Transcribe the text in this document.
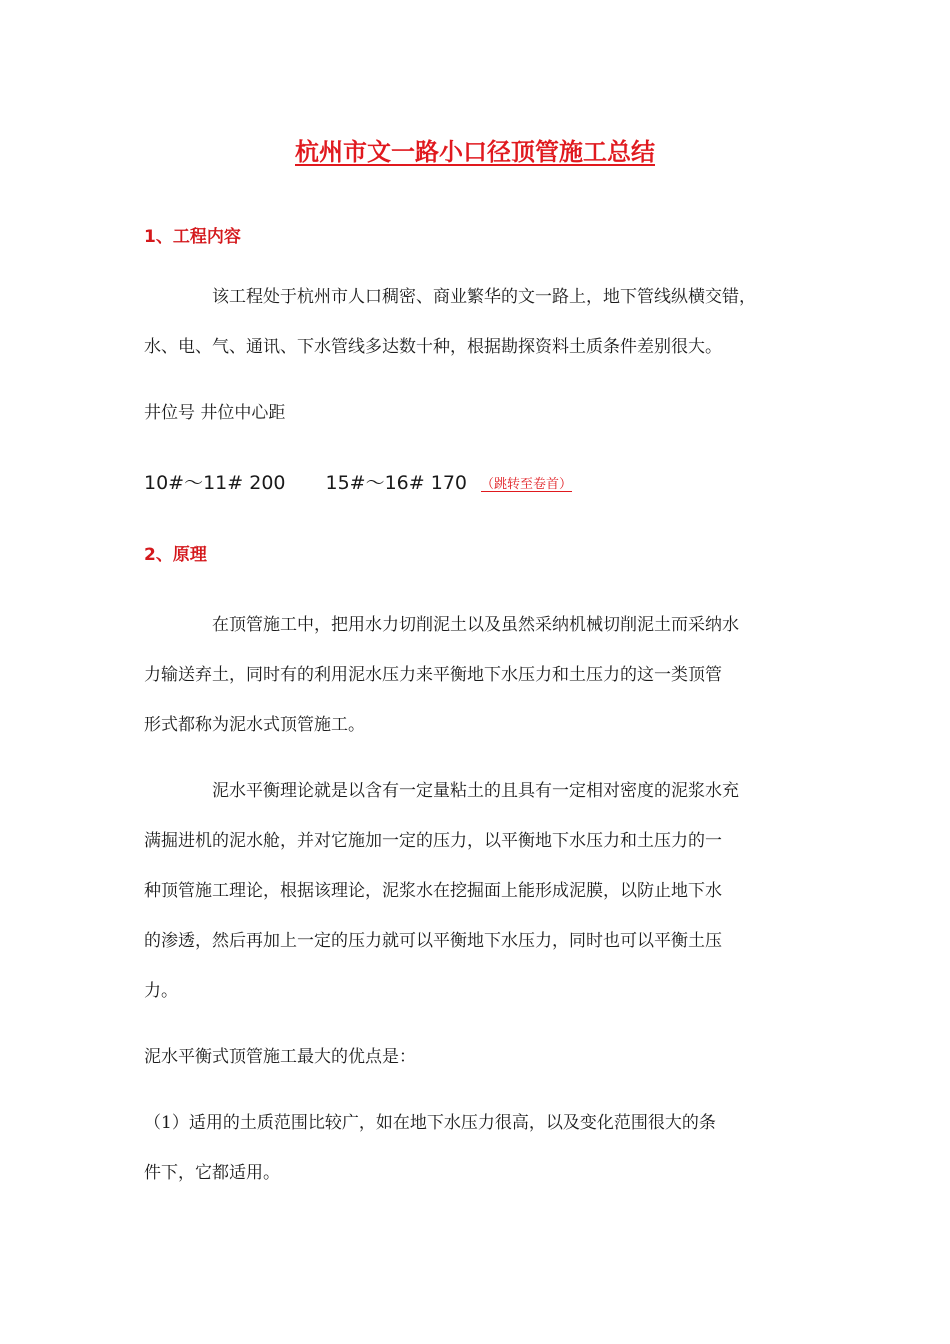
杭州市文一路小口径顶管施工总结
1、工程内容
该工程处于杭州市人口稠密、商业繁华的文一路上，地下管线纵横交错，
水、电、气、通讯、下水管线多达数十种，根据勘探资料土质条件差别很大。
井位号 井位中心距
10#～11# 200 15#～16# 170 （跳转至卷首）
2、原理
在顶管施工中，把用水力切削泥土以及虽然采纳机械切削泥土而采纳水
力输送弃土，同时有的利用泥水压力来平衡地下水压力和土压力的这一类顶管
形式都称为泥水式顶管施工。
泥水平衡理论就是以含有一定量粘土的且具有一定相对密度的泥浆水充
满掘进机的泥水舱，并对它施加一定的压力，以平衡地下水压力和土压力的一
种顶管施工理论，根据该理论，泥浆水在挖掘面上能形成泥膜，以防止地下水
的渗透，然后再加上一定的压力就可以平衡地下水压力，同时也可以平衡土压
力。
泥水平衡式顶管施工最大的优点是：
（1）适用的土质范围比较广，如在地下水压力很高，以及变化范围很大的条
件下，它都适用。
